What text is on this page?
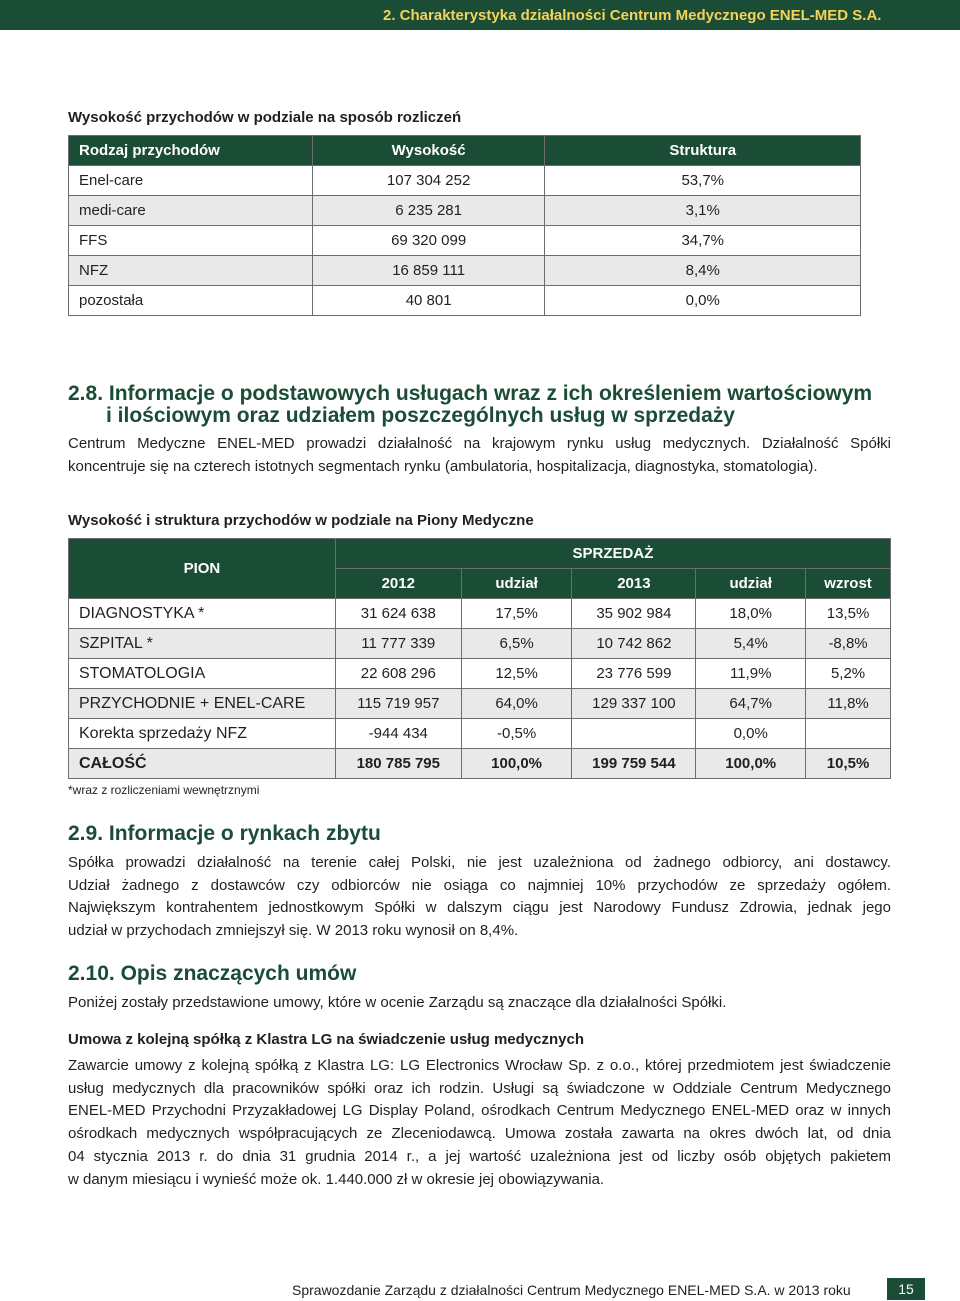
2. Charakterystyka działalności Centrum Medycznego ENEL-MED S.A.
Wysokość przychodów w podziale na sposób rozliczeń
Rodzaj przychodów	Wysokość	Struktura
Enel-care	107 304 252	53,7%
medi-care	6 235 281	3,1%
FFS	69 320 099	34,7%
NFZ	16 859 111	8,4%
pozostała	40 801	0,0%
2.8. Informacje o podstawowych usługach wraz z ich określeniem wartościowym
i ilościowym oraz udziałem poszczególnych usług w sprzedaży
Centrum Medyczne ENEL-MED prowadzi działalność na krajowym rynku usług medycznych. Działalność Spółki
koncentruje się na czterech istotnych segmentach rynku (ambulatoria, hospitalizacja, diagnostyka, stomatologia).
Wysokość i struktura przychodów w podziale na Piony Medyczne
PION	SPRZEDAŻ				
	2012	udział	2013	udział	wzrost
DIAGNOSTYKA *	31 624 638	17,5%	35 902 984	18,0%	13,5%
SZPITAL *	11 777 339	6,5%	10 742 862	5,4%	-8,8%
STOMATOLOGIA	22 608 296	12,5%	23 776 599	11,9%	5,2%
PRZYCHODNIE + ENEL-CARE	115 719 957	64,0%	129 337 100	64,7%	11,8%
Korekta sprzedaży NFZ	-944 434	-0,5%		0,0%	
CAŁOŚĆ	180 785 795	100,0%	199 759 544	100,0%	10,5%
*wraz z rozliczeniami wewnętrznymi
2.9. Informacje o rynkach zbytu
Spółka prowadzi działalność na terenie całej Polski, nie jest uzależniona od żadnego odbiorcy, ani dostawcy.
Udział żadnego z dostawców czy odbiorców nie osiąga co najmniej 10% przychodów ze sprzedaży ogółem.
Największym kontrahentem jednostkowym Spółki w dalszym ciągu jest Narodowy Fundusz Zdrowia, jednak jego
udział w przychodach zmniejszył się. W 2013 roku wynosił on 8,4%.
2.10. Opis znaczących umów
Poniżej zostały przedstawione umowy, które w ocenie Zarządu są znaczące dla działalności Spółki.
Umowa z kolejną spółką z Klastra LG na świadczenie usług medycznych
Zawarcie umowy z kolejną spółką z Klastra LG: LG Electronics Wrocław Sp. z o.o., której przedmiotem jest świadczenie
usług medycznych dla pracowników spółki oraz ich rodzin. Usługi są świadczone w Oddziale Centrum Medycznego
ENEL-MED Przychodni Przyzakładowej LG Display Poland, ośrodkach Centrum Medycznego ENEL-MED oraz w innych
ośrodkach medycznych współpracujących ze Zleceniodawcą. Umowa została zawarta na okres dwóch lat, od dnia
04 stycznia 2013 r. do dnia 31 grudnia 2014 r., a jej wartość uzależniona jest od liczby osób objętych pakietem
w danym miesiącu i wynieść może ok. 1.440.000 zł w okresie jej obowiązywania.
Sprawozdanie Zarządu z działalności Centrum Medycznego ENEL-MED S.A. w 2013 roku	15
